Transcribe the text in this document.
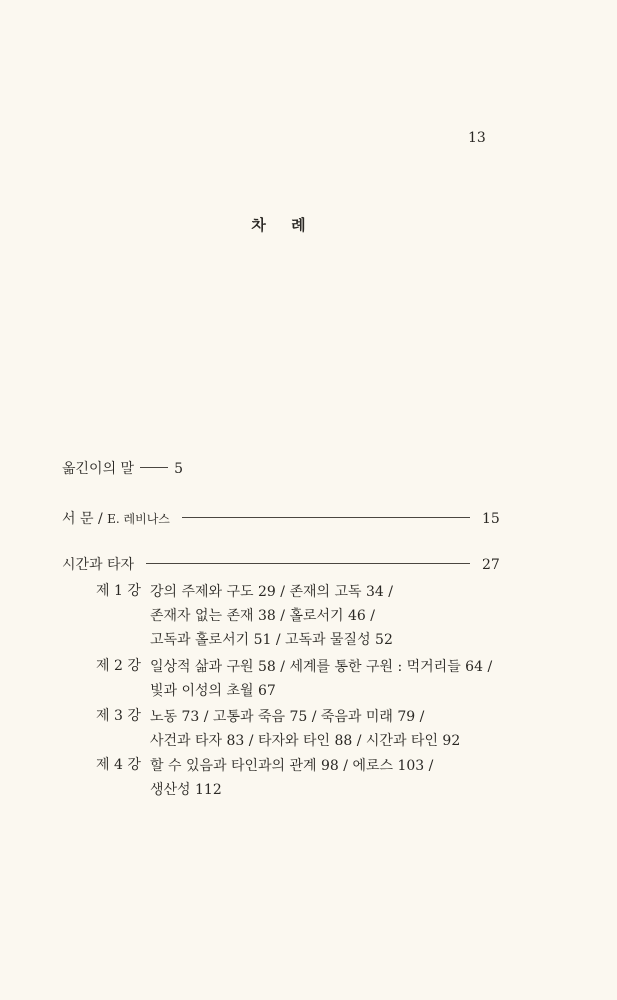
13
차 례
옮긴이의 말	5
서 문 / E. 레비나스	15
시간과 타자	27
제 1 강 강의 주제와 구도 29 / 존재의 고독 34 /
존재자 없는 존재 38 / 홀로서기 46 /
고독과 홀로서기 51 / 고독과 물질성 52
제 2 강 일상적 삶과 구원 58 / 세계를 통한 구원 : 먹거리들 64 /
빛과 이성의 초월 67
제 3 강 노동 73 / 고통과 죽음 75 / 죽음과 미래 79 /
사건과 타자 83 / 타자와 타인 88 / 시간과 타인 92
제 4 강 할 수 있음과 타인과의 관계 98 / 에로스 103 /
생산성 112
